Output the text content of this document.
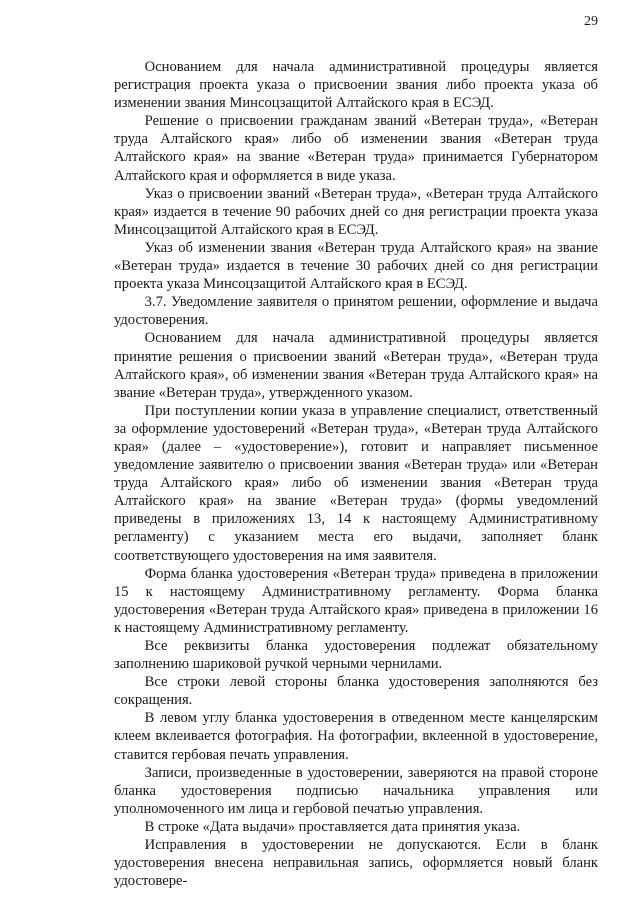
29

Основанием для начала административной процедуры является регистрация проекта указа о присвоении звания либо проекта указа об изменении звания Минсоцзащитой Алтайского края в ЕСЭД.

Решение о присвоении гражданам званий «Ветеран труда», «Ветеран труда Алтайского края» либо об изменении звания «Ветеран труда Алтайского края» на звание «Ветеран труда» принимается Губернатором Алтайского края и оформляется в виде указа.

Указ о присвоении званий «Ветеран труда», «Ветеран труда Алтайского края» издается в течение 90 рабочих дней со дня регистрации проекта указа Минсоцзащитой Алтайского края в ЕСЭД.

Указ об изменении звания «Ветеран труда Алтайского края» на звание «Ветеран труда» издается в течение 30 рабочих дней со дня регистрации проекта указа Минсоцзащитой Алтайского края в ЕСЭД.

3.7. Уведомление заявителя о принятом решении, оформление и выдача удостоверения.

Основанием для начала административной процедуры является принятие решения о присвоении званий «Ветеран труда», «Ветеран труда Алтайского края», об изменении звания «Ветеран труда Алтайского края» на звание «Ветеран труда», утвержденного указом.

При поступлении копии указа в управление специалист, ответственный за оформление удостоверений «Ветеран труда», «Ветеран труда Алтайского края» (далее – «удостоверение»), готовит и направляет письменное уведомление заявителю о присвоении звания «Ветеран труда» или «Ветеран труда Алтайского края» либо об изменении звания «Ветеран труда Алтайского края» на звание «Ветеран труда» (формы уведомлений приведены в приложениях 13, 14 к настоящему Административному регламенту) с указанием места его выдачи, заполняет бланк соответствующего удостоверения на имя заявителя.

Форма бланка удостоверения «Ветеран труда» приведена в приложении 15 к настоящему Административному регламенту. Форма бланка удостоверения «Ветеран труда Алтайского края» приведена в приложении 16 к настоящему Административному регламенту.

Все реквизиты бланка удостоверения подлежат обязательному заполнению шариковой ручкой черными чернилами.

Все строки левой стороны бланка удостоверения заполняются без сокращения.

В левом углу бланка удостоверения в отведенном месте канцелярским клеем вклеивается фотография. На фотографии, вклеенной в удостоверение, ставится гербовая печать управления.

Записи, произведенные в удостоверении, заверяются на правой стороне бланка удостоверения подписью начальника управления или уполномоченного им лица и гербовой печатью управления.

В строке «Дата выдачи» проставляется дата принятия указа.

Исправления в удостоверении не допускаются. Если в бланк удостоверения внесена неправильная запись, оформляется новый бланк удостовере-
